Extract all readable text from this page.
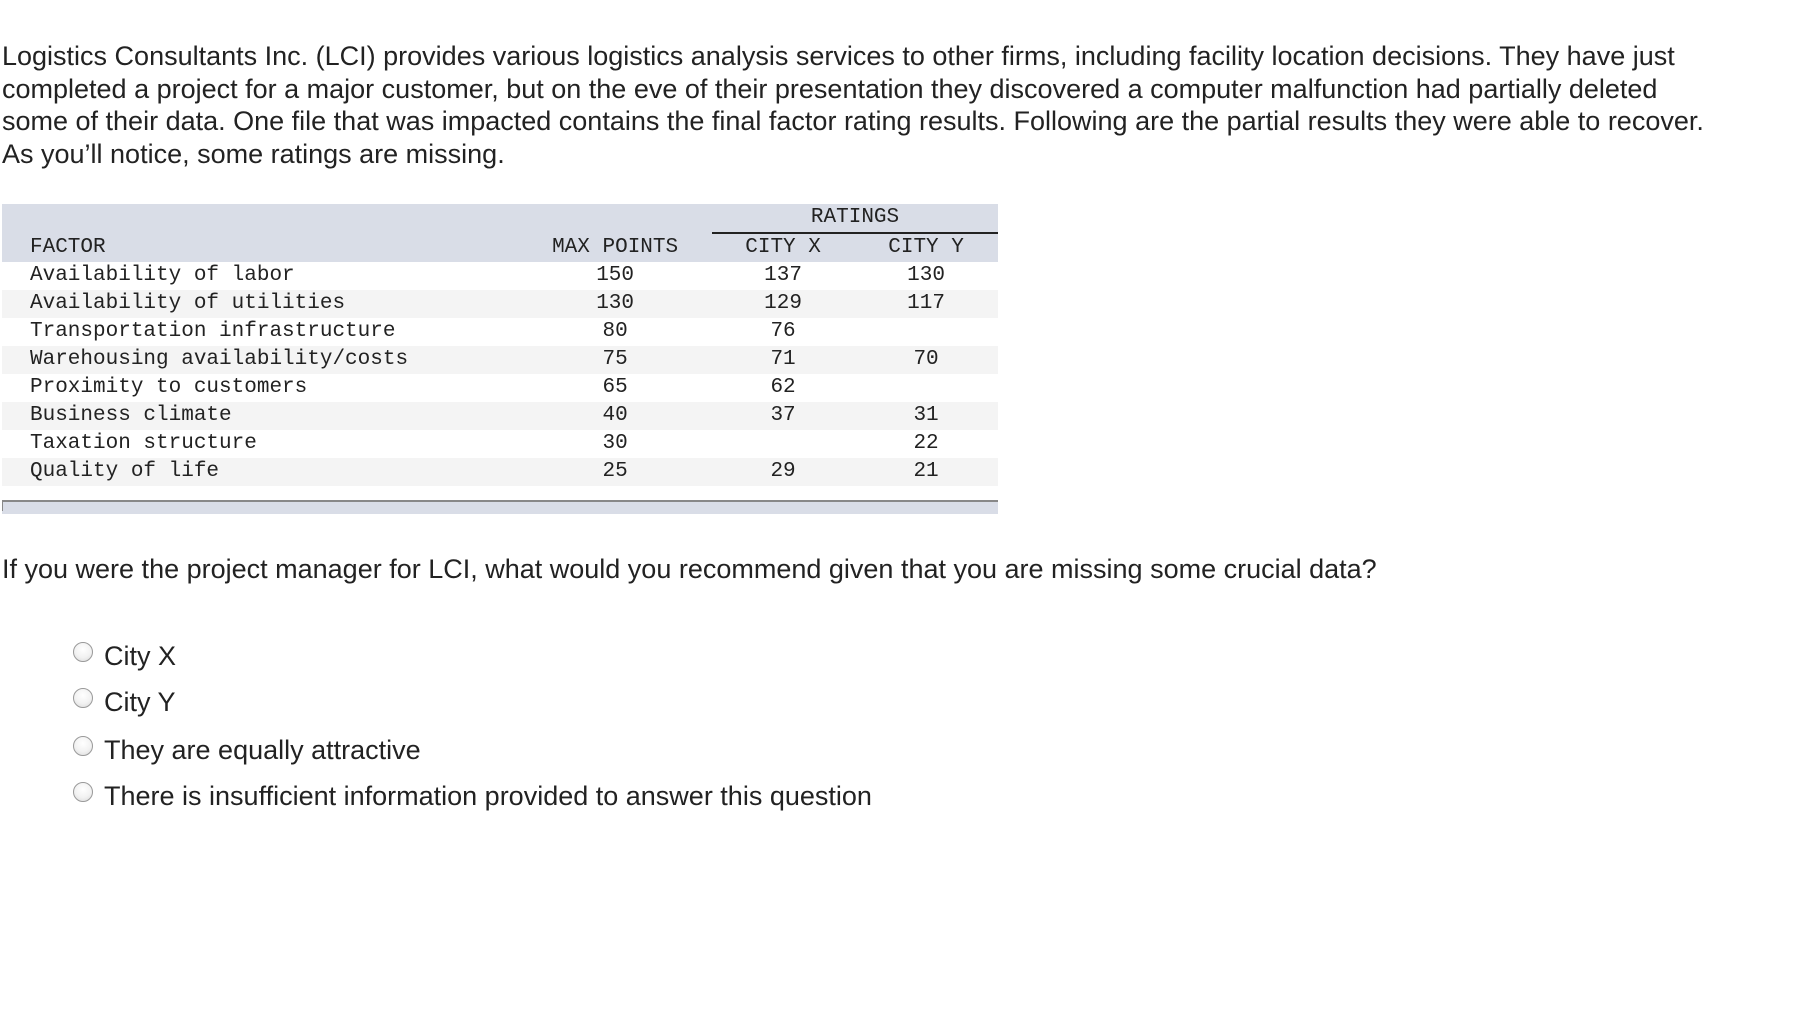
Logistics Consultants Inc. (LCI) provides various logistics analysis services to other firms, including facility location decisions. They have just completed a project for a major customer, but on the eve of their presentation they discovered a computer malfunction had partially deleted some of their data. One file that was impacted contains the final factor rating results. Following are the partial results they were able to recover. As you’ll notice, some ratings are missing.

		RATINGS	
FACTOR	MAX POINTS	CITY X	CITY Y
Availability of labor	150	137	130
Availability of utilities	130	129	117
Transportation infrastructure	80	76	
Warehousing availability/costs	75	71	70
Proximity to customers	65	62	
Business climate	40	37	31
Taxation structure	30		22
Quality of life	25	29	21

If you were the project manager for LCI, what would you recommend given that you are missing some crucial data?

City X
City Y
They are equally attractive
There is insufficient information provided to answer this question
